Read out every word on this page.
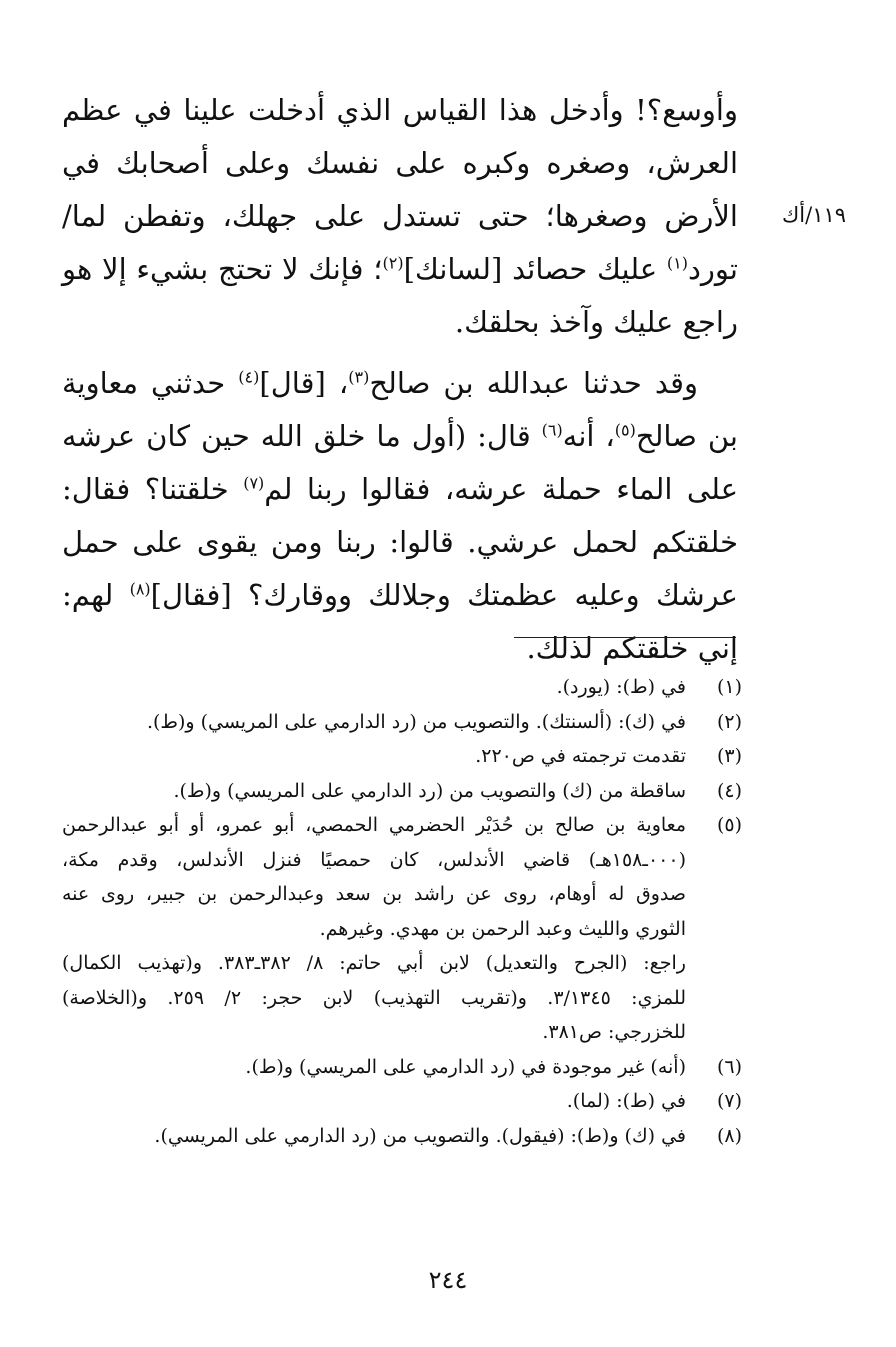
وأوسع؟! وأدخل هذا القياس الذي أدخلت علينا في عظم العرش، وصغره وكبره على نفسك وعلى أصحابك في الأرض وصغرها؛ حتى تستدل على جهلك، وتفطن لما/ تورد$^{(١)}$ عليك حصائد [لسانك]$^{(٢)}$؛ فإنك لا تحتج بشيء إلا هو راجع عليك وآخذ بحلقك.

وقد حدثنا عبدالله بن صالح$^{(٣)}$، [قال]$^{(٤)}$ حدثني معاوية بن صالح$^{(٥)}$، أنه$^{(٦)}$ قال: (أول ما خلق الله حين كان عرشه على الماء حملة عرشه، فقالوا ربنا لم$^{(٧)}$ خلقتنا؟ فقال: خلقتكم لحمل عرشي. قالوا: ربنا ومن يقوى على حمل عرشك وعليه عظمتك وجلالك ووقارك؟ [فقال]$^{(٨)}$ لهم: إني خلقتكم لذلك.

١١٩/أك
(١)
في (ط): (يورد).
(٢)
في (ك): (ألسنتك). والتصويب من (رد الدارمي على المريسي) و(ط).
(٣)
تقدمت ترجمته في ص٢٢٠.
(٤)
ساقطة من (ك) والتصويب من (رد الدارمي على المريسي) و(ط).
(٥)
معاوية بن صالح بن حُدَيْر الحضرمي الحمصي، أبو عمرو، أو أبو عبدالرحمن
(٠٠٠ـ١٥٨هـ) قاضي الأندلس، كان حمصيًا فنزل الأندلس، وقدم مكة،
صدوق له أوهام، روى عن راشد بن سعد وعبدالرحمن بن جبير، روى عنه
الثوري والليث وعبد الرحمن بن مهدي. وغيرهم.
راجع: (الجرح والتعديل) لابن أبي حاتم: ٨/ ٣٨٢ـ٣٨٣. و(تهذيب الكمال)
للمزي: ٣/١٣٤٥. و(تقريب التهذيب) لابن حجر: ٢/ ٢٥٩. و(الخلاصة)
للخزرجي: ص٣٨١.
(٦)
(أنه) غير موجودة في (رد الدارمي على المريسي) و(ط).
(٧)
في (ط): (لما).
(٨)
في (ك) و(ط): (فيقول). والتصويب من (رد الدارمي على المريسي).
٢٤٤
